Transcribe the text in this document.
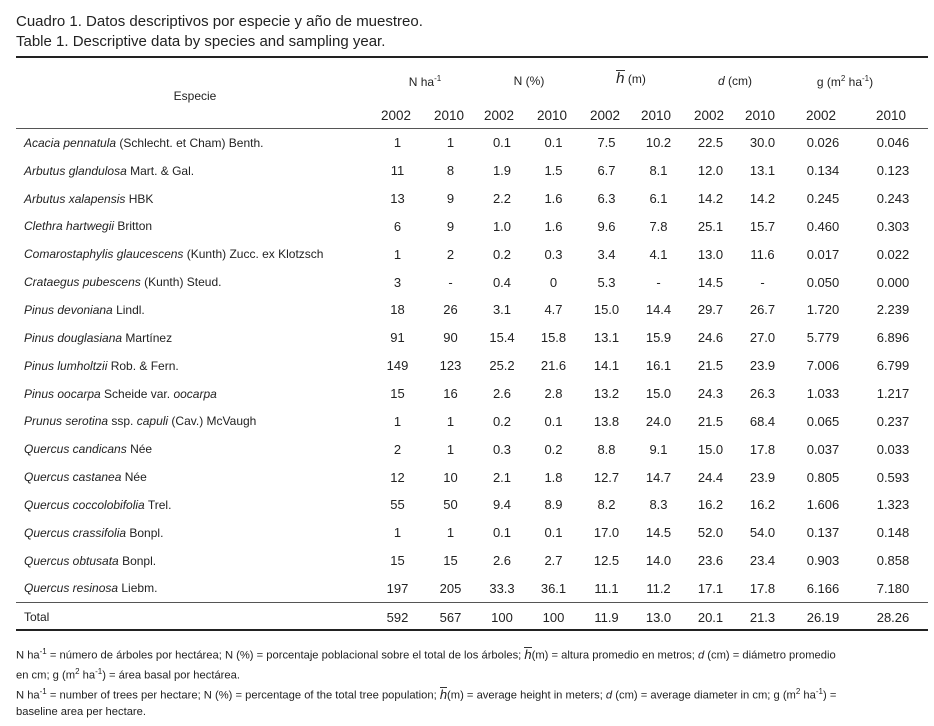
Cuadro 1. Datos descriptivos por especie y año de muestreo.
Table 1. Descriptive data by species and sampling year.
Especie
N $ha^{-1}$	N (%)	h (m)	d (cm)	g ($m^2$ $ha^{-1}$)
2002	2010	2002	2010	2002	2010	2002	2010	2002	2010
Acacia pennatula (Schlecht. et Cham) Benth.	1	1	0.1	0.1	7.5	10.2	22.5	30.0	0.026	0.046
Arbutus glandulosa Mart. & Gal.	11	8	1.9	1.5	6.7	8.1	12.0	13.1	0.134	0.123
Arbutus xalapensis HBK	13	9	2.2	1.6	6.3	6.1	14.2	14.2	0.245	0.243
Clethra hartwegii Britton	6	9	1.0	1.6	9.6	7.8	25.1	15.7	0.460	0.303
Comarostaphylis glaucescens (Kunth) Zucc. ex Klotzsch	1	2	0.2	0.3	3.4	4.1	13.0	11.6	0.017	0.022
Crataegus pubescens (Kunth) Steud.	3	-	0.4	0	5.3	-	14.5	-	0.050	0.000
Pinus devoniana Lindl.	18	26	3.1	4.7	15.0	14.4	29.7	26.7	1.720	2.239
Pinus douglasiana Martínez	91	90	15.4	15.8	13.1	15.9	24.6	27.0	5.779	6.896
Pinus lumholtzii Rob. & Fern.	149	123	25.2	21.6	14.1	16.1	21.5	23.9	7.006	6.799
Pinus oocarpa Scheide var. oocarpa	15	16	2.6	2.8	13.2	15.0	24.3	26.3	1.033	1.217
Prunus serotina ssp. capuli (Cav.) McVaugh	1	1	0.2	0.1	13.8	24.0	21.5	68.4	0.065	0.237
Quercus candicans Née	2	1	0.3	0.2	8.8	9.1	15.0	17.8	0.037	0.033
Quercus castanea Née	12	10	2.1	1.8	12.7	14.7	24.4	23.9	0.805	0.593
Quercus coccolobifolia Trel.	55	50	9.4	8.9	8.2	8.3	16.2	16.2	1.606	1.323
Quercus crassifolia Bonpl.	1	1	0.1	0.1	17.0	14.5	52.0	54.0	0.137	0.148
Quercus obtusata Bonpl.	15	15	2.6	2.7	12.5	14.0	23.6	23.4	0.903	0.858
Quercus resinosa Liebm.	197	205	33.3	36.1	11.1	11.2	17.1	17.8	6.166	7.180
Total	592	567	100	100	11.9	13.0	20.1	21.3	26.19	28.26
N $ha^{-1}$ = número de árboles por hectárea; N (%) = porcentaje poblacional sobre el total de los árboles; h(m) = altura promedio en metros; d (cm) = diámetro promedio
en cm; g ($m^2$ $ha^{-1}$) = área basal por hectárea.
N $ha^{-1}$ = number of trees per hectare; N (%) = percentage of the total tree population; h(m) = average height in meters; d (cm) = average diameter in cm; g ($m^2$ $ha^{-1}$) =
baseline area per hectare.
